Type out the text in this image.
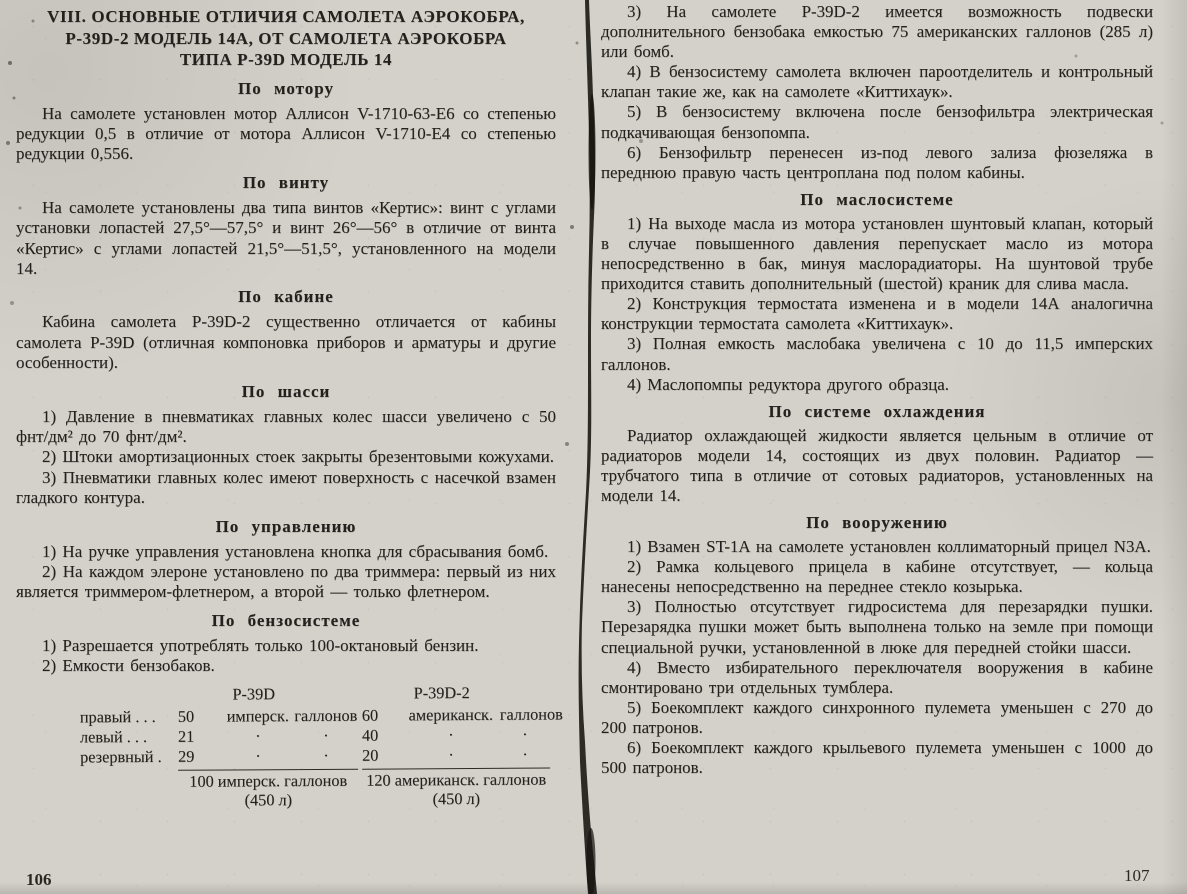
VIII. ОСНОВНЫЕ ОТЛИЧИЯ САМОЛЕТА АЭРОКОБРА,
Р-39D-2 МОДЕЛЬ 14А, ОТ САМОЛЕТА АЭРОКОБРА
ТИПА Р-39D МОДЕЛЬ 14
По мотору

На самолете установлен мотор Аллисон V-1710-63-Е6 со степенью редукции 0,5 в отличие от мотора Аллисон V-1710-Е4 со степенью редукции 0,556.

По винту

На самолете установлены два типа винтов «Кертис»: винт с углами установки лопастей 27,5°—57,5° и винт 26°—56° в отличие от винта «Кертис» с углами лопастей 21,5°—51,5°, установленного на модели 14.

По кабине

Кабина самолета Р-39D-2 существенно отличается от кабины самолета Р-39D (отличная компоновка приборов и арматуры и другие особенности).

По шасси

1) Давление в пневматиках главных колес шасси увеличено с 50 фнт/дм² до 70 фнт/дм².

2) Штоки амортизационных стоек закрыты брезентовыми кожухами.

3) Пневматики главных колес имеют поверхность с насечкой взамен гладкого контура.

По управлению

1) На ручке управления установлена кнопка для сбрасывания бомб.

2) На каждом элероне установлено по два триммера: первый из них является триммером-флетнером, а второй — только флетнером.

По бензосистеме

1) Разрешается употреблять только 100-октановый бензин.

2) Емкости бензобаков.

Р-39D	Р-39D-2
правый . . .	50	имперск. галлонов 60	американск. галлонов
левый . . .	21	·	·	40	·	·
резервный .	29	·	·	20	·	·
100 имперск. галлонов
(450 л)
120 американск. галлонов
(450 л)

3) На самолете Р-39D-2 имеется возможность подвески дополнительного бензобака емкостью 75 американских галлонов (285 л) или бомб.

4) В бензосистему самолета включен пароотделитель и контрольный клапан такие же, как на самолете «Киттихаук».

5) В бензосистему включена после бензофильтра электрическая подкачивающая бензопомпа.

6) Бензофильтр перенесен из-под левого зализа фюзеляжа в переднюю правую часть центроплана под полом кабины.

По маслосистеме

1) На выходе масла из мотора установлен шунтовый клапан, который в случае повышенного давления перепускает масло из мотора непосредственно в бак, минуя маслорадиаторы. На шунтовой трубе приходится ставить дополнительный (шестой) краник для слива масла.

2) Конструкция термостата изменена и в модели 14А аналогична конструкции термостата самолета «Киттихаук».

3) Полная емкость маслобака увеличена с 10 до 11,5 имперских галлонов.

4) Маслопомпы редуктора другого образца.

По системе охлаждения

Радиатор охлаждающей жидкости является цельным в отличие от радиаторов модели 14, состоящих из двух половин. Радиатор — трубчатого типа в отличие от сотовых радиаторов, установленных на модели 14.

По вооружению

1) Взамен ST-1A на самолете установлен коллиматорный прицел N3A.

2) Рамка кольцевого прицела в кабине отсутствует, — кольца нанесены непосредственно на переднее стекло козырька.

3) Полностью отсутствует гидросистема для перезарядки пушки. Перезарядка пушки может быть выполнена только на земле при помощи специальной ручки, установленной в люке для передней стойки шасси.

4) Вместо избирательного переключателя вооружения в кабине смонтировано три отдельных тумблера.

5) Боекомплект каждого синхронного пулемета уменьшен с 270 до 200 патронов.

6) Боекомплект каждого крыльевого пулемета уменьшен с 1000 до 500 патронов.

106	107
